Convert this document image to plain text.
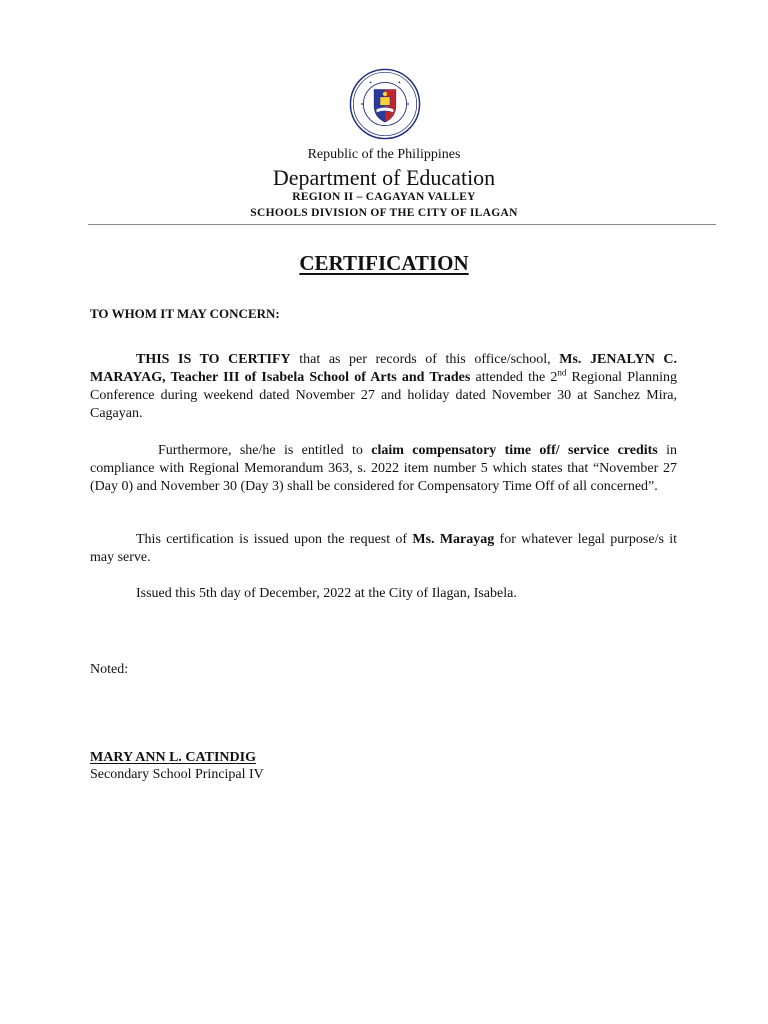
Republic of the Philippines
Department of Education
REGION II – CAGAYAN VALLEY
SCHOOLS DIVISION OF THE CITY OF ILAGAN
CERTIFICATION
TO WHOM IT MAY CONCERN:
THIS IS TO CERTIFY that as per records of this office/school, Ms. JENALYN C. MARAYAG, Teacher III of Isabela School of Arts and Trades attended the 2nd Regional Planning Conference during weekend dated November 27 and holiday dated November 30 at Sanchez Mira, Cagayan.
Furthermore, she/he is entitled to claim compensatory time off/ service credits in compliance with Regional Memorandum 363, s. 2022 item number 5 which states that “November 27 (Day 0) and November 30 (Day 3) shall be considered for Compensatory Time Off of all concerned”.
This certification is issued upon the request of Ms. Marayag for whatever legal purpose/s it may serve.
Issued this 5th day of December, 2022 at the City of Ilagan, Isabela.
Noted:
MARY ANN L. CATINDIG
Secondary School Principal IV
